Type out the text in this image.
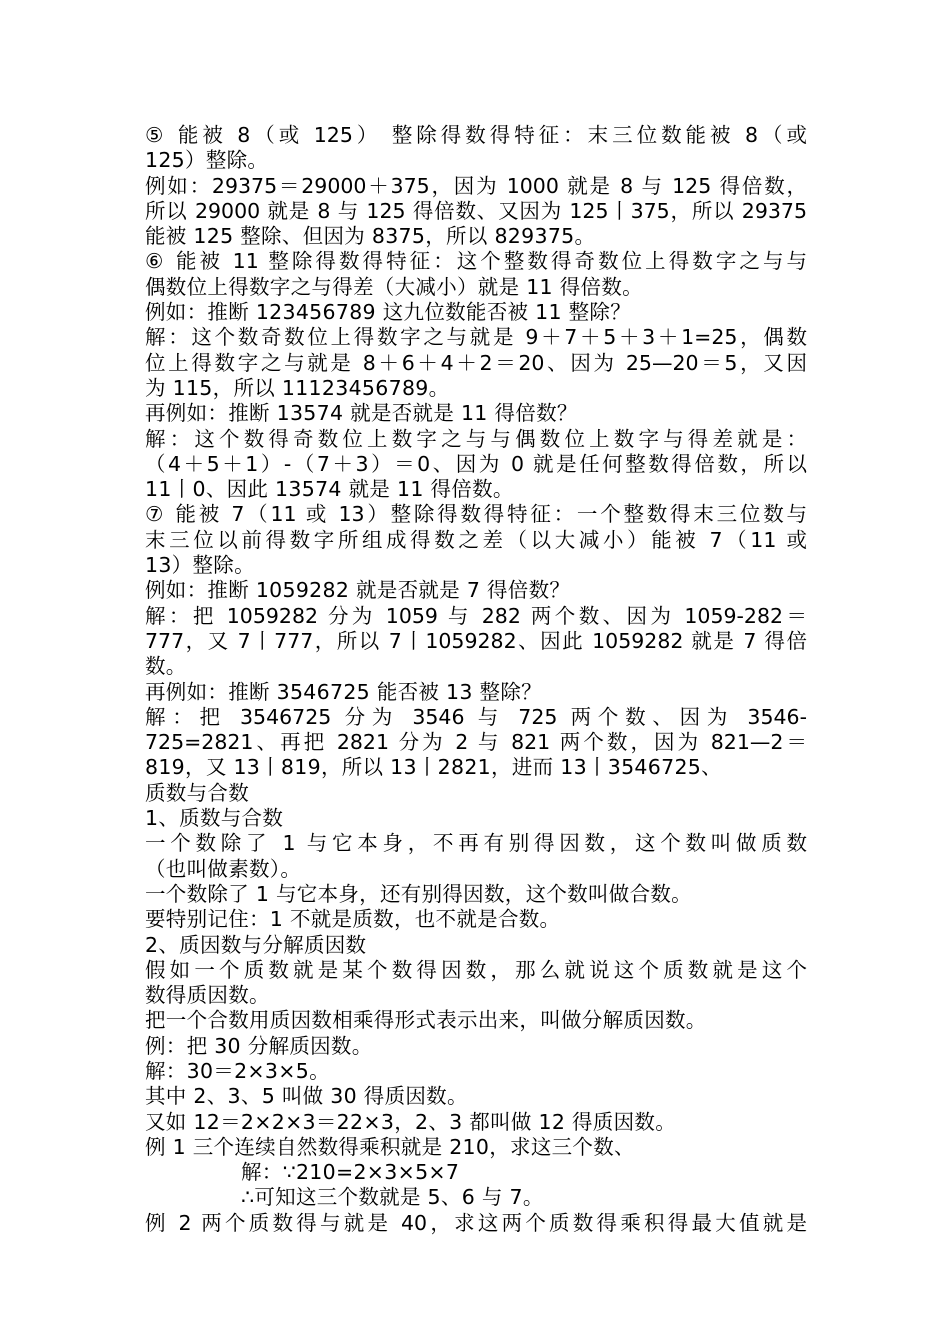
⑤ 能被 8（或 125） 整除得数得特征：末三位数能被 8（或
125）整除。
例如：29375＝29000＋375，因为 1000 就是 8 与 125 得倍数，
所以 29000 就是 8 与 125 得倍数、又因为 125丨375，所以 29375
能被 125 整除、但因为 8375，所以 829375。
⑥ 能被 11 整除得数得特征：这个整数得奇数位上得数字之与与
偶数位上得数字之与得差（大减小）就是 11 得倍数。
例如：推断 123456789 这九位数能否被 11 整除？
解：这个数奇数位上得数字之与就是 9＋7＋5＋3＋1=25，偶数
位上得数字之与就是 8＋6＋4＋2＝20、因为 25—20＝5，又因
为 115，所以 11123456789。
再例如：推断 13574 就是否就是 11 得倍数？
解：这个数得奇数位上数字之与与偶数位上数字与得差就是：
（4＋5＋1）-（7＋3）＝0、因为 0 就是任何整数得倍数，所以
11丨0、因此 13574 就是 11 得倍数。
⑦ 能被 7（11 或 13）整除得数得特征：一个整数得末三位数与
末三位以前得数字所组成得数之差（以大减小）能被 7（11 或
13）整除。
例如：推断 1059282 就是否就是 7 得倍数？
解：把 1059282 分为 1059 与 282 两个数、因为 1059-282＝
777，又 7丨777，所以 7丨1059282、因此 1059282 就是 7 得倍
数。
再例如：推断 3546725 能否被 13 整除？
解：把 3546725 分为 3546 与 725 两个数、因为 3546-
725=2821、再把 2821 分为 2 与 821 两个数，因为 821—2＝
819，又 13丨819，所以 13丨2821，进而 13丨3546725、
质数与合数
1、质数与合数
一个数除了 1 与它本身，不再有别得因数，这个数叫做质数
（也叫做素数）。
一个数除了 1 与它本身，还有别得因数，这个数叫做合数。
要特别记住：1 不就是质数，也不就是合数。
2、质因数与分解质因数
假如一个质数就是某个数得因数，那么就说这个质数就是这个
数得质因数。
把一个合数用质因数相乘得形式表示出来，叫做分解质因数。
例：把 30 分解质因数。
解：30＝2×3×5。
其中 2、3、5 叫做 30 得质因数。
又如 12＝2×2×3＝22×3，2、3 都叫做 12 得质因数。
例 1 三个连续自然数得乘积就是 210，求这三个数、
解：∵210=2×3×5×7
∴可知这三个数就是 5、6 与 7。
例 2 两个质数得与就是 40，求这两个质数得乘积得最大值就是
